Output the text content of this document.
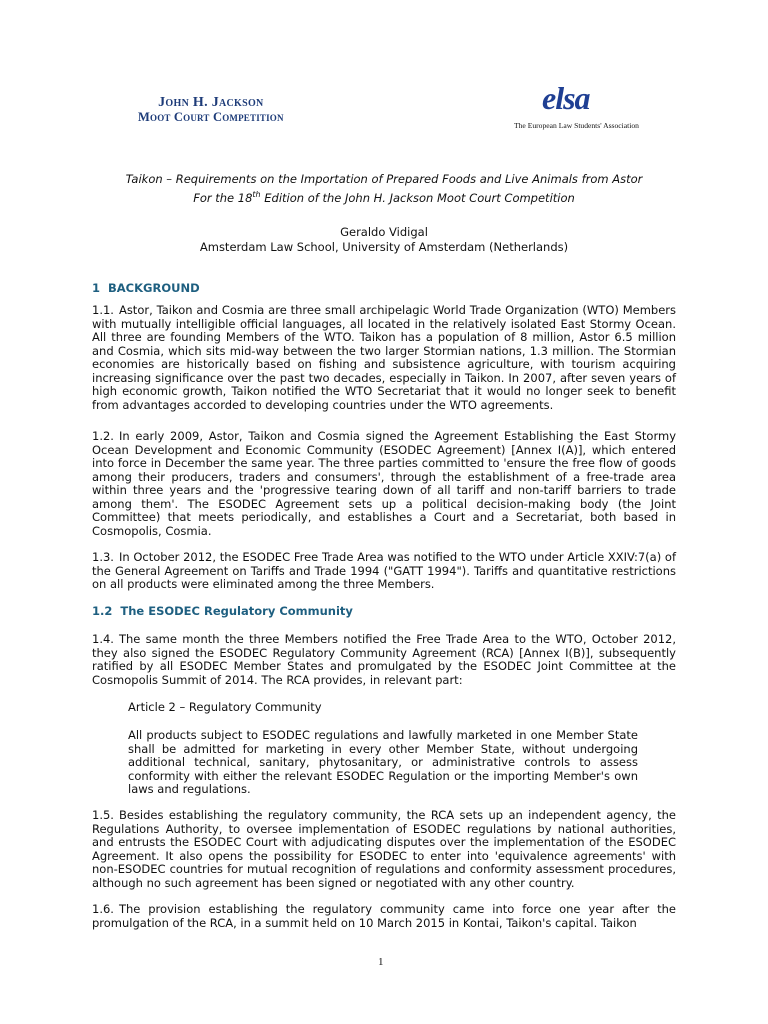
John H. Jackson
Moot Court Competition
elsa
The European Law Students' Association
Taikon – Requirements on the Importation of Prepared Foods and Live Animals from Astor
For the 18th Edition of the John H. Jackson Moot Court Competition
Geraldo Vidigal
Amsterdam Law School, University of Amsterdam (Netherlands)
1 BACKGROUND

1.1. Astor, Taikon and Cosmia are three small archipelagic World Trade Organization (WTO) Members with mutually intelligible official languages, all located in the relatively isolated East Stormy Ocean. All three are founding Members of the WTO. Taikon has a population of 8 million, Astor 6.5 million and Cosmia, which sits mid-way between the two larger Stormian nations, 1.3 million. The Stormian economies are historically based on fishing and subsistence agriculture, with tourism acquiring increasing significance over the past two decades, especially in Taikon. In 2007, after seven years of high economic growth, Taikon notified the WTO Secretariat that it would no longer seek to benefit from advantages accorded to developing countries under the WTO agreements.

1.2. In early 2009, Astor, Taikon and Cosmia signed the Agreement Establishing the East Stormy Ocean Development and Economic Community (ESODEC Agreement) [Annex I(A)], which entered into force in December the same year. The three parties committed to 'ensure the free flow of goods among their producers, traders and consumers', through the establishment of a free-trade area within three years and the 'progressive tearing down of all tariff and non-tariff barriers to trade among them'. The ESODEC Agreement sets up a political decision-making body (the Joint Committee) that meets periodically, and establishes a Court and a Secretariat, both based in Cosmopolis, Cosmia.

1.3. In October 2012, the ESODEC Free Trade Area was notified to the WTO under Article XXIV:7(a) of the General Agreement on Tariffs and Trade 1994 ("GATT 1994"). Tariffs and quantitative restrictions on all products were eliminated among the three Members.

1.2 The ESODEC Regulatory Community

1.4. The same month the three Members notified the Free Trade Area to the WTO, October 2012, they also signed the ESODEC Regulatory Community Agreement (RCA) [Annex I(B)], subsequently ratified by all ESODEC Member States and promulgated by the ESODEC Joint Committee at the Cosmopolis Summit of 2014. The RCA provides, in relevant part:

Article 2 – Regulatory Community

All products subject to ESODEC regulations and lawfully marketed in one Member State shall be admitted for marketing in every other Member State, without undergoing additional technical, sanitary, phytosanitary, or administrative controls to assess conformity with either the relevant ESODEC Regulation or the importing Member's own laws and regulations.

1.5. Besides establishing the regulatory community, the RCA sets up an independent agency, the Regulations Authority, to oversee implementation of ESODEC regulations by national authorities, and entrusts the ESODEC Court with adjudicating disputes over the implementation of the ESODEC Agreement. It also opens the possibility for ESODEC to enter into 'equivalence agreements' with non-ESODEC countries for mutual recognition of regulations and conformity assessment procedures, although no such agreement has been signed or negotiated with any other country.

1.6. The provision establishing the regulatory community came into force one year after the promulgation of the RCA, in a summit held on 10 March 2015 in Kontai, Taikon's capital. Taikon

1
